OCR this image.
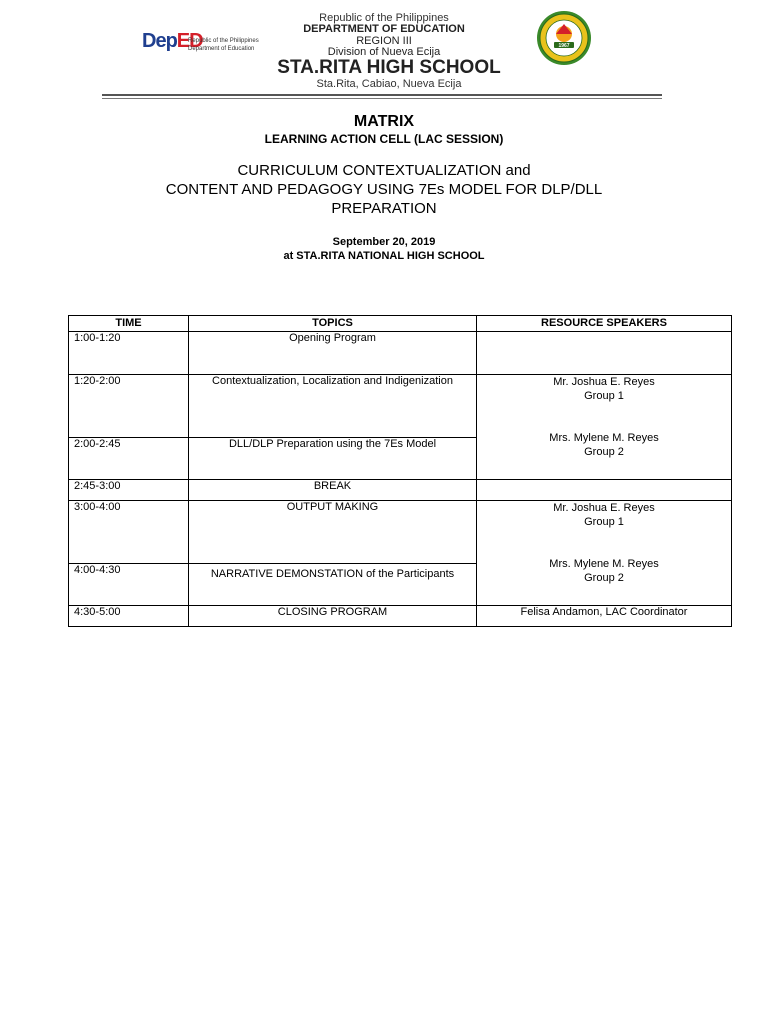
Republic of the Philippines
DEPARTMENT OF EDUCATION
REGION III
Division of Nueva Ecija
STA.RITA HIGH SCHOOL
Sta.Rita, Cabiao, Nueva Ecija
DepED
Republic of the Philippines
Department of Education	1967
MATRIX
LEARNING ACTION CELL (LAC SESSION)
CURRICULUM CONTEXTUALIZATION and
CONTENT AND PEDAGOGY USING 7Es MODEL FOR DLP/DLL
PREPARATION
September 20, 2019
at STA.RITA NATIONAL HIGH SCHOOL
TIME	TOPICS	RESOURCE SPEAKERS
1:00-1:20	Opening Program	
1:20-2:00	Contextualization, Localization and Indigenization	Mr. Joshua E. Reyes
Group 1
Mrs. Mylene M. Reyes
Group 2

2:00-2:45	DLL/DLP Preparation using the 7Es Model	
2:45-3:00	BREAK	
3:00-4:00	OUTPUT MAKING	Mr. Joshua E. Reyes
Group 1
Mrs. Mylene M. Reyes
Group 2

4:00-4:30	NARRATIVE DEMONSTATION of the Participants	
4:30-5:00	CLOSING PROGRAM	Felisa Andamon, LAC Coordinator
